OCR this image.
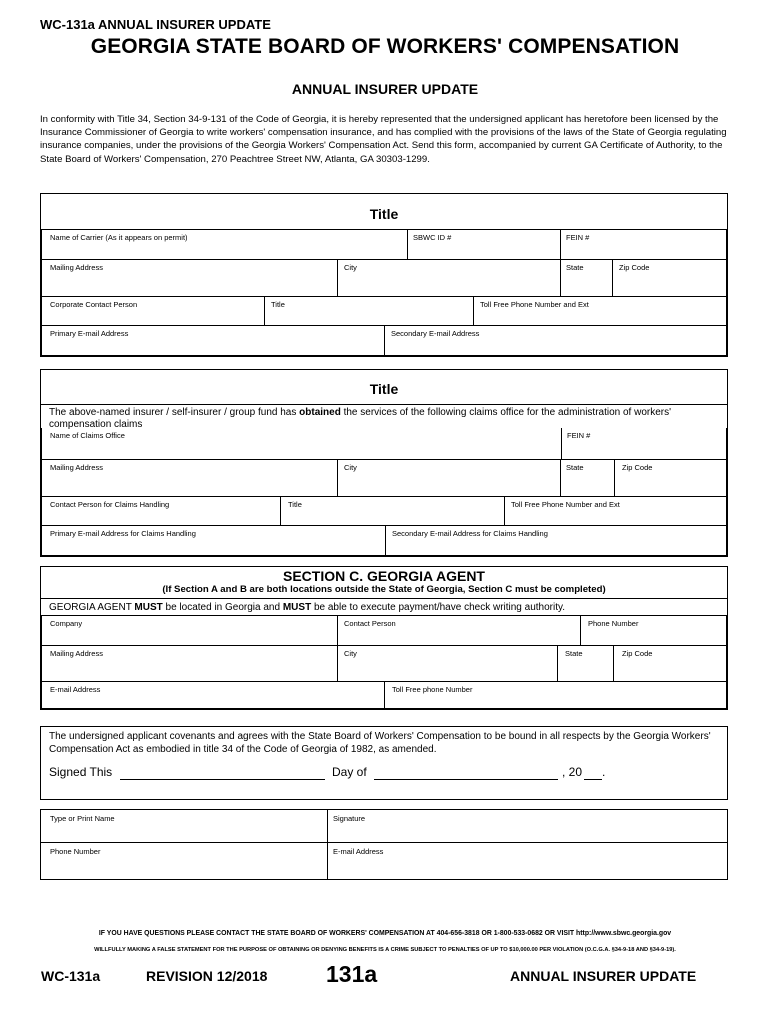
WC-131a ANNUAL INSURER UPDATE
GEORGIA STATE BOARD OF WORKERS' COMPENSATION
ANNUAL INSURER UPDATE
In conformity with Title 34, Section 34-9-131 of the Code of Georgia, it is hereby represented that the undersigned applicant has heretofore been licensed by the Insurance Commissioner of Georgia to write workers' compensation insurance, and has complied with the provisions of the laws of the State of Georgia regulating insurance companies, under the provisions of the Georgia Workers' Compensation Act. Send this form, accompanied by current GA Certificate of Authority, to the State Board of Workers' Compensation, 270 Peachtree Street NW, Atlanta, GA 30303-1299.
Title
Name of Carrier (As it appears on permit)	SBWC ID #	FEIN #
Mailing Address	City	State	Zip Code
Corporate Contact Person	Title	Toll Free Phone Number and Ext
Primary E-mail Address	Secondary E-mail Address
Title
The above-named insurer / self-insurer / group fund has obtained the services of the following claims office for the administration of workers' compensation claims
Name of Claims Office	FEIN #
Mailing Address	City	State	Zip Code
Contact Person for Claims Handling	Title	Toll Free Phone Number and Ext
Primary E-mail Address for Claims Handling	Secondary E-mail Address for Claims Handling
SECTION C. GEORGIA AGENT
(If Section A and B are both locations outside the State of Georgia, Section C must be completed)
GEORGIA AGENT MUST be located in Georgia and MUST be able to execute payment/have check writing authority.
Company	Contact Person	Phone Number
Mailing Address	City	State	Zip Code
E-mail Address	Toll Free phone Number
The undersigned applicant covenants and agrees with the State Board of Workers' Compensation to be bound in all respects by the Georgia Workers' Compensation Act as embodied in title 34 of the Code of Georgia of 1982, as amended.
Signed This	Day of	, 20 .
Type or Print Name	Signature
Phone Number	E-mail Address
IF YOU HAVE QUESTIONS PLEASE CONTACT THE STATE BOARD OF WORKERS' COMPENSATION AT 404-656-3818 OR 1-800-533-0682 OR VISIT http://www.sbwc.georgia.gov
WILLFULLY MAKING A FALSE STATEMENT FOR THE PURPOSE OF OBTAINING OR DENYING BENEFITS IS A CRIME SUBJECT TO PENALTIES OF UP TO $10,000.00 PER VIOLATION (O.C.G.A. §34-9-18 AND §34-9-19).
WC-131a	REVISION 12/2018	131a	ANNUAL INSURER UPDATE
